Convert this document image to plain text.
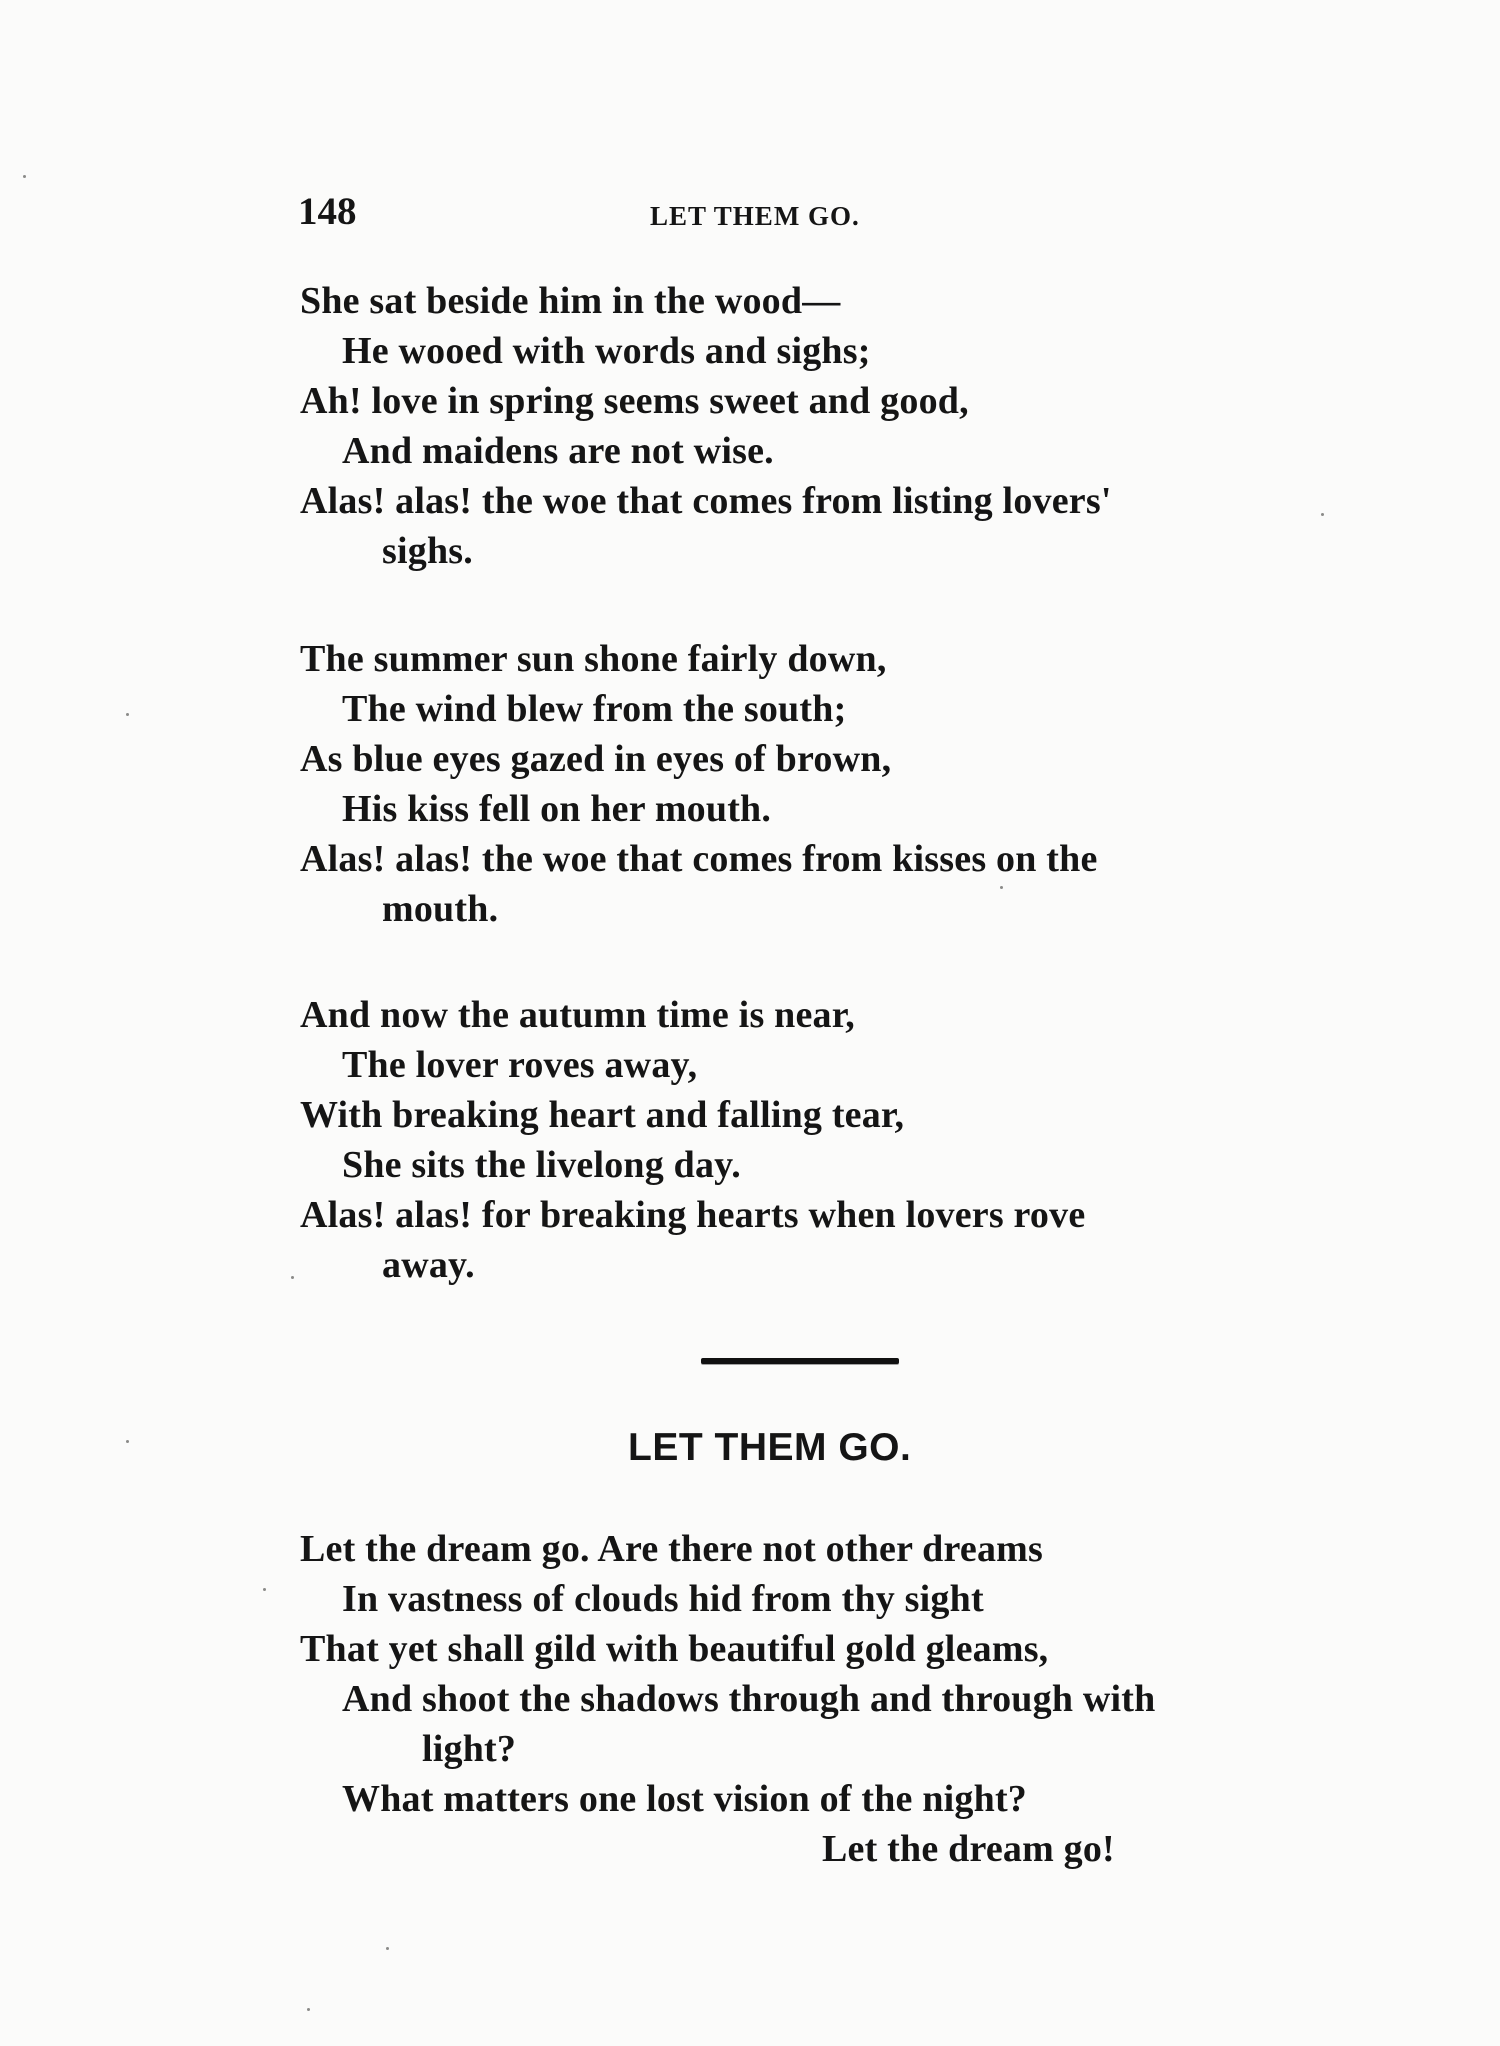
148	LET THEM GO.
She sat beside him in the wood—
He wooed with words and sighs;
Ah! love in spring seems sweet and good,
And maidens are not wise.
Alas! alas! the woe that comes from listing lovers'
sighs.
The summer sun shone fairly down,
The wind blew from the south;
As blue eyes gazed in eyes of brown,
His kiss fell on her mouth.
Alas! alas! the woe that comes from kisses on the
mouth.
And now the autumn time is near,
The lover roves away,
With breaking heart and falling tear,
She sits the livelong day.
Alas! alas! for breaking hearts when lovers rove
away.
LET THEM GO.
Let the dream go. Are there not other dreams
In vastness of clouds hid from thy sight
That yet shall gild with beautiful gold gleams,
And shoot the shadows through and through with
light?
What matters one lost vision of the night?
Let the dream go!
